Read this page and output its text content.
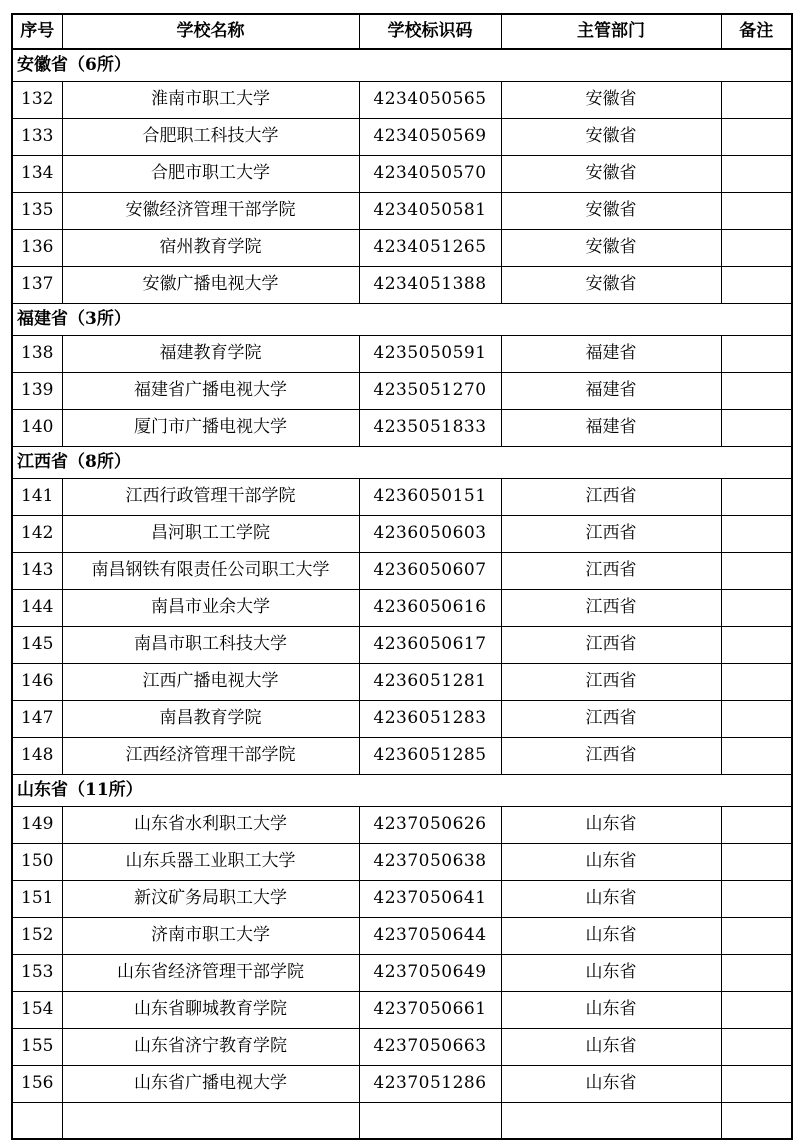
序号	学校名称	学校标识码	主管部门	备注
安徽省（6所）				
132	淮南市职工大学	4234050565	安徽省	
133	合肥职工科技大学	4234050569	安徽省	
134	合肥市职工大学	4234050570	安徽省	
135	安徽经济管理干部学院	4234050581	安徽省	
136	宿州教育学院	4234051265	安徽省	
137	安徽广播电视大学	4234051388	安徽省	
福建省（3所）				
138	福建教育学院	4235050591	福建省	
139	福建省广播电视大学	4235051270	福建省	
140	厦门市广播电视大学	4235051833	福建省	
江西省（8所）				
141	江西行政管理干部学院	4236050151	江西省	
142	昌河职工工学院	4236050603	江西省	
143	南昌钢铁有限责任公司职工大学	4236050607	江西省	
144	南昌市业余大学	4236050616	江西省	
145	南昌市职工科技大学	4236050617	江西省	
146	江西广播电视大学	4236051281	江西省	
147	南昌教育学院	4236051283	江西省	
148	江西经济管理干部学院	4236051285	江西省	
山东省（11所）				
149	山东省水利职工大学	4237050626	山东省	
150	山东兵器工业职工大学	4237050638	山东省	
151	新汶矿务局职工大学	4237050641	山东省	
152	济南市职工大学	4237050644	山东省	
153	山东省经济管理干部学院	4237050649	山东省	
154	山东省聊城教育学院	4237050661	山东省	
155	山东省济宁教育学院	4237050663	山东省	
156	山东省广播电视大学	4237051286	山东省	
